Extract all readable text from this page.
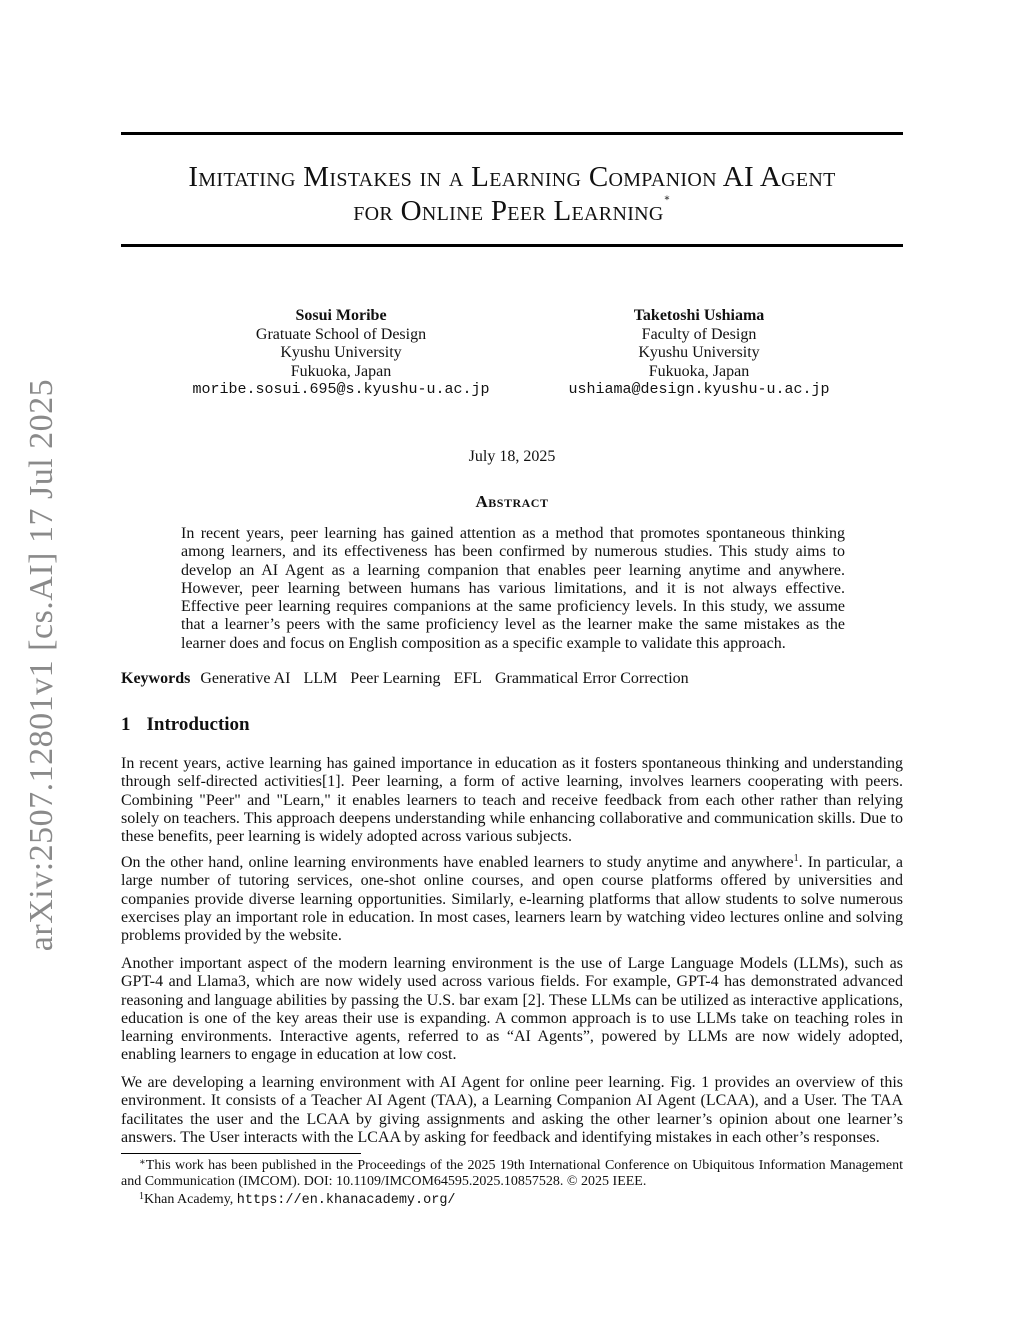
arXiv:2507.12801v1 [cs.AI] 17 Jul 2025
Imitating Mistakes in a Learning Companion AI Agent
for Online Peer Learning∗
Sosui Moribe
Gratuate School of Design
Kyushu University
Fukuoka, Japan
moribe.sosui.695@s.kyushu-u.ac.jp
Taketoshi Ushiama
Faculty of Design
Kyushu University
Fukuoka, Japan
ushiama@design.kyushu-u.ac.jp
July 18, 2025
Abstract

In recent years, peer learning has gained attention as a method that promotes spontaneous thinking among learners, and its effectiveness has been confirmed by numerous studies. This study aims to develop an AI Agent as a learning companion that enables peer learning anytime and anywhere. However, peer learning between humans has various limitations, and it is not always effective. Effective peer learning requires companions at the same proficiency levels. In this study, we assume that a learner’s peers with the same proficiency level as the learner make the same mistakes as the learner does and focus on English composition as a specific example to validate this approach.

Keywords Generative AI LLM Peer Learning EFL Grammatical Error Correction
1 Introduction

In recent years, active learning has gained importance in education as it fosters spontaneous thinking and understanding through self-directed activities[1]. Peer learning, a form of active learning, involves learners cooperating with peers. Combining "Peer" and "Learn," it enables learners to teach and receive feedback from each other rather than relying solely on teachers. This approach deepens understanding while enhancing collaborative and communication skills. Due to these benefits, peer learning is widely adopted across various subjects.

On the other hand, online learning environments have enabled learners to study anytime and anywhere$^1$. In particular, a large number of tutoring services, one-shot online courses, and open course platforms offered by universities and companies provide diverse learning opportunities. Similarly, e-learning platforms that allow students to solve numerous exercises play an important role in education. In most cases, learners learn by watching video lectures online and solving problems provided by the website.

Another important aspect of the modern learning environment is the use of Large Language Models (LLMs), such as GPT-4 and Llama3, which are now widely used across various fields. For example, GPT-4 has demonstrated advanced reasoning and language abilities by passing the U.S. bar exam [2]. These LLMs can be utilized as interactive applications, education is one of the key areas their use is expanding. A common approach is to use LLMs take on teaching roles in learning environments. Interactive agents, referred to as “AI Agents”, powered by LLMs are now widely adopted, enabling learners to engage in education at low cost.

We are developing a learning environment with AI Agent for online peer learning. Fig. 1 provides an overview of this environment. It consists of a Teacher AI Agent (TAA), a Learning Companion AI Agent (LCAA), and a User. The TAA facilitates the user and the LCAA by giving assignments and asking the other learner’s opinion about one learner’s answers. The User interacts with the LCAA by asking for feedback and identifying mistakes in each other’s responses.

∗This work has been published in the Proceedings of the 2025 19th International Conference on Ubiquitous Information Management and Communication (IMCOM). DOI: 10.1109/IMCOM64595.2025.10857528. © 2025 IEEE.

$^1$Khan Academy, https://en.khanacademy.org/
